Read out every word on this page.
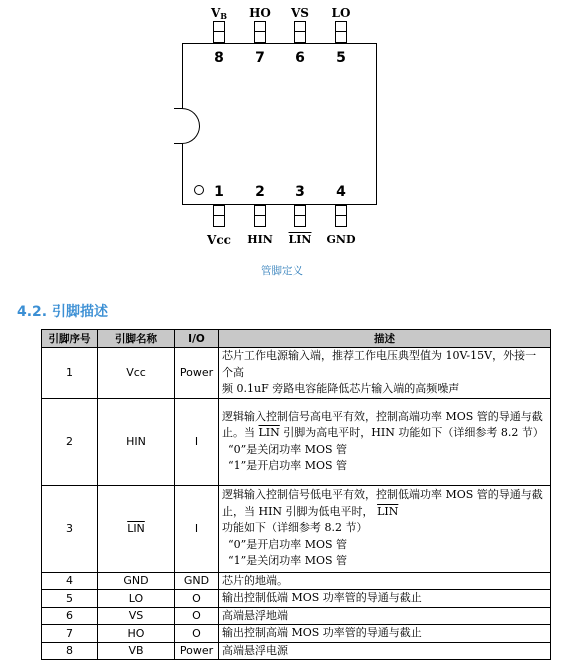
VB	HO	VS	LO
8	7	6	5
1	2	3	4
Vcc	HIN	$\overline{LIN}$	GND
管脚定义
4.2. 引脚描述
引脚序号	引脚名称	I/O	描述
1	Vcc	Power	芯片工作电源输入端，推荐工作电压典型值为 10V-15V，外接一个高
频 0.1uF 旁路电容能降低芯片输入端的高频噪声

2	HIN	I	逻辑输入控制信号高电平有效，控制高端功率 MOS 管的导通与截
止。当 $\overline{LIN}$ 引脚为高电平时，HIN 功能如下（详细参考 8.2 节）
“0”是关闭功率 MOS 管
“1”是开启功率 MOS 管

3	$\overline{LIN}$	I	逻辑输入控制信号低电平有效，控制低端功率 MOS 管的导通与截
止，当 HIN 引脚为低电平时， $\overline{LIN}$ 功能如下（详细参考 8.2 节）
“0”是开启功率 MOS 管
“1”是关闭功率 MOS 管

4	GND	GND	芯片的地端。
5	LO	O	输出控制低端 MOS 功率管的导通与截止
6	VS	O	高端悬浮地端
7	HO	O	输出控制高端 MOS 功率管的导通与截止
8	VB	Power	高端悬浮电源
